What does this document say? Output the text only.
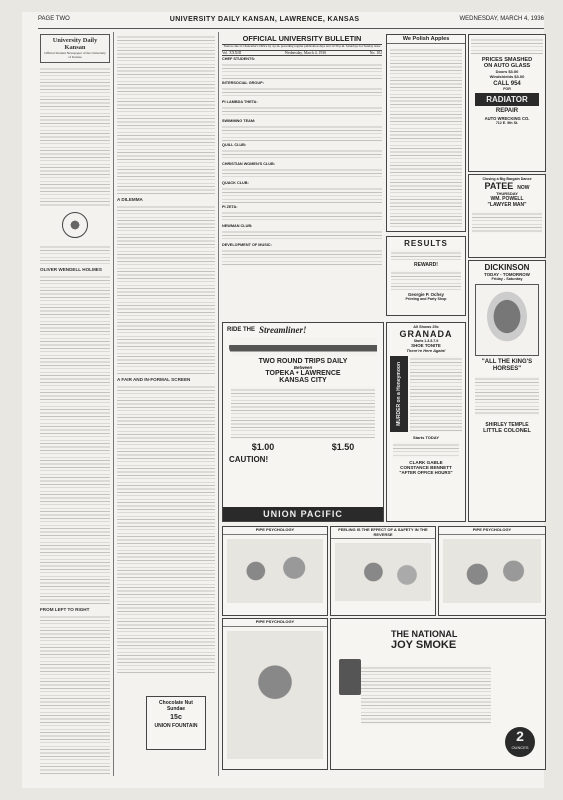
PAGE TWO	UNIVERSITY DAILY KANSAN, LAWRENCE, KANSAS	WEDNESDAY, MARCH 4, 1936
University Daily Kansan
Official Student Newspaper of the University of Kansas
OLIVER WENDELL HOLMES
FROM LEFT TO RIGHT
A DILEMMA
A FAIR AND IN-FORMAL SCREEN
Chocolate Nut
Sundae
15c
UNION FOUNTAIN
OFFICIAL UNIVERSITY BULLETIN
Notices due at Chancellor's Office by 4 p.m. preceding regular publication days and 12:30 p.m. Saturdays for Sunday issue
Vol. XXXIII	Wednesday, March 4, 1936	No. 102
CHEF STUDENTS:
INTERSOCIAL GROUP:
PI LAMBDA THETA:
SWIMMING TEAM:
QUILL CLUB:
CHRISTIAN WOMEN'S CLUB:
QUACK CLUB:
PI ZETA:
NEWMAN CLUB:
DEVELOPMENT OF MUSIC:
We Polish Apples
PRICES SMASHED
ON AUTO GLASS
Doors $3.00
Windshields $3.00
CALL 954
FOR
RADIATOR
REPAIR
AUTO WRECKING CO.
712 E. 9th St.
Closing a Big Bargain Dance
PATEE NOW
THURSDAY
WM. POWELL
"LAWYER MAN"
RESULTS
REWARD!
Georgie P. Ochsy
Printing and Party Shop
RIDE THE Streamliner!
TWO ROUND TRIPS DAILY
Between
TOPEKA • LAWRENCE
KANSAS CITY
$1.00	$1.50
CAUTION!
UNION PACIFIC
All Shows 25c
GRANADA
Starts 1-3-5-7-9
SHOE TONITE
There're Here Again!
MURDER on a Honeymoon
Starts TODAY
CLARK GABLE
CONSTANCE BENNETT
"AFTER OFFICE HOURS"
DICKINSON
TODAY - TOMORROW
Friday - Saturday
"ALL THE KING'S HORSES"
SHIRLEY TEMPLE
LITTLE COLONEL
PIPE PSYCHOLOGY	FEELING IS THE EFFECT OF A SAFETY IN THE REVERSE
PIPE PSYCHOLOGY
PIPE PSYCHOLOGY
THE NATIONAL
JOY SMOKE
2
OUNCES
